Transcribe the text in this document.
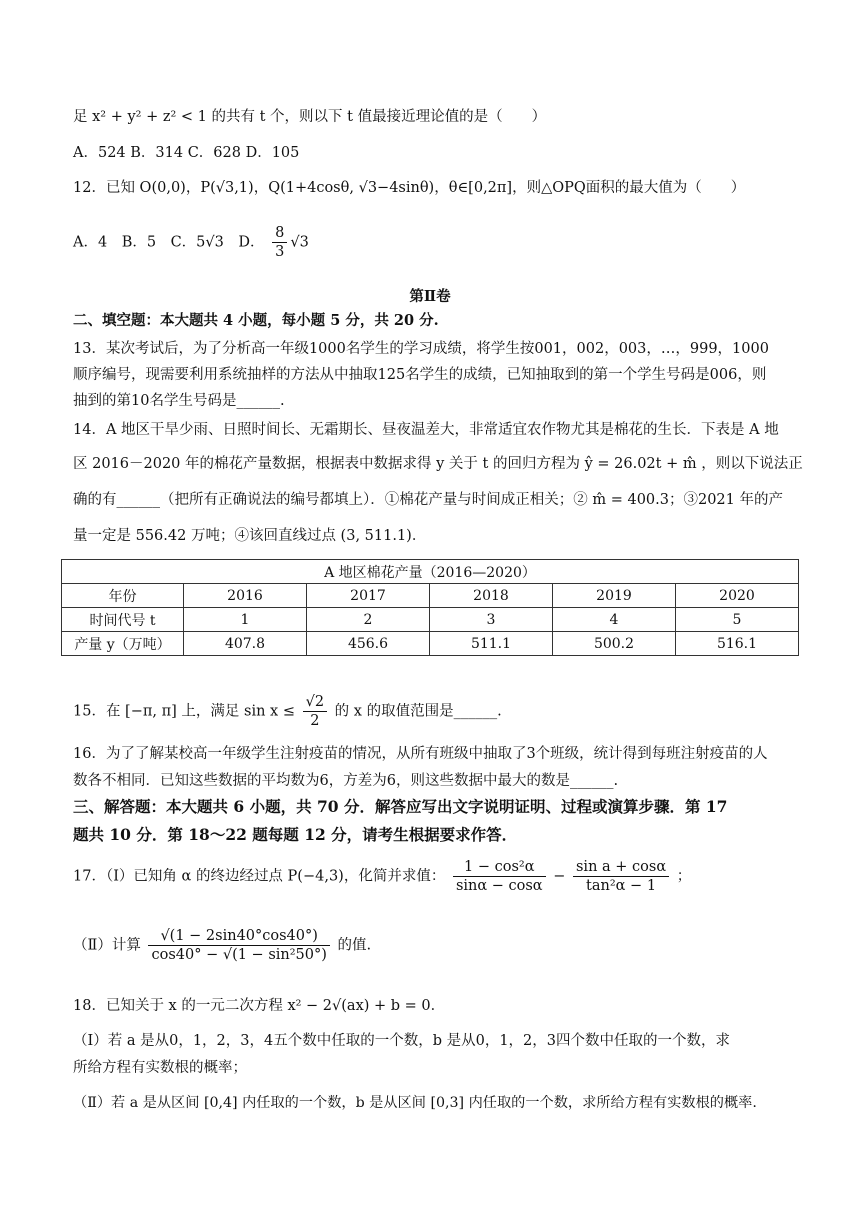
足 x² + y² + z² < 1 的共有 t 个，则以下 t 值最接近理论值的是（　　）
A．524 B．314 C．628 D．105
12．已知 O(0,0)，P(√3,1)，Q(1+4cosθ, √3−4sinθ)，θ∈[0,2π]，则△OPQ面积的最大值为（　　）
A．4　B．5　C．5√3　D． $\frac{8}{3} √3$
第Ⅱ卷
二、填空题：本大题共 4 小题，每小题 5 分，共 20 分.
13．某次考试后，为了分析高一年级1000名学生的学习成绩，将学生按001，002，003，…，999，1000
顺序编号，现需要利用系统抽样的方法从中抽取125名学生的成绩，已知抽取到的第一个学生号码是006，则
抽到的第10名学生号码是______.
14．A 地区干旱少雨、日照时间长、无霜期长、昼夜温差大，非常适宜农作物尤其是棉花的生长．下表是 A 地
区 2016－2020 年的棉花产量数据，根据表中数据求得 y 关于 t 的回归方程为 ŷ = 26.02t + m̂ ，则以下说法正
确的有______（把所有正确说法的编号都填上）．①棉花产量与时间成正相关；② m̂ = 400.3；③2021 年的产
量一定是 556.42 万吨；④该回直线过点 (3, 511.1)．
A 地区棉花产量（2016—2020）					
年份	2016	2017	2018	2019	2020
时间代号 t	1	2	3	4	5
产量 y（万吨）	407.8	456.6	511.1	500.2	516.1
15．在 [−π, π] 上，满足 $\sin x \le \frac{√2}{2}$ 的 x 的取值范围是______.
16．为了了解某校高一年级学生注射疫苗的情况，从所有班级中抽取了3个班级，统计得到每班注射疫苗的人
数各不相同．已知这些数据的平均数为6，方差为6，则这些数据中最大的数是______.
三、解答题：本大题共 6 小题，共 70 分．解答应写出文字说明证明、过程或演算步骤．第 17
题共 10 分．第 18～22 题每题 12 分，请考生根据要求作答．
17．（Ⅰ）已知角 α 的终边经过点 P(−4,3)，化简并求值： $\frac{\text{1 − cos²α}}{\sin\alpha - \cos\alpha} - \frac{\text{sin a + cosα}}{\text{tan²α − 1}}$ ；
（Ⅱ）计算 $\frac{√(1 - 2\sin 40^\circ\cos 40^\circ)}{\text{cos40° − √(1 − sin²50°)}}$ 的值.
18．已知关于 x 的一元二次方程 x² − 2√(ax) + b = 0．
（Ⅰ）若 a 是从0，1，2，3，4五个数中任取的一个数，b 是从0，1，2，3四个数中任取的一个数，求
所给方程有实数根的概率；
（Ⅱ）若 a 是从区间 [0,4] 内任取的一个数，b 是从区间 [0,3] 内任取的一个数，求所给方程有实数根的概率.
